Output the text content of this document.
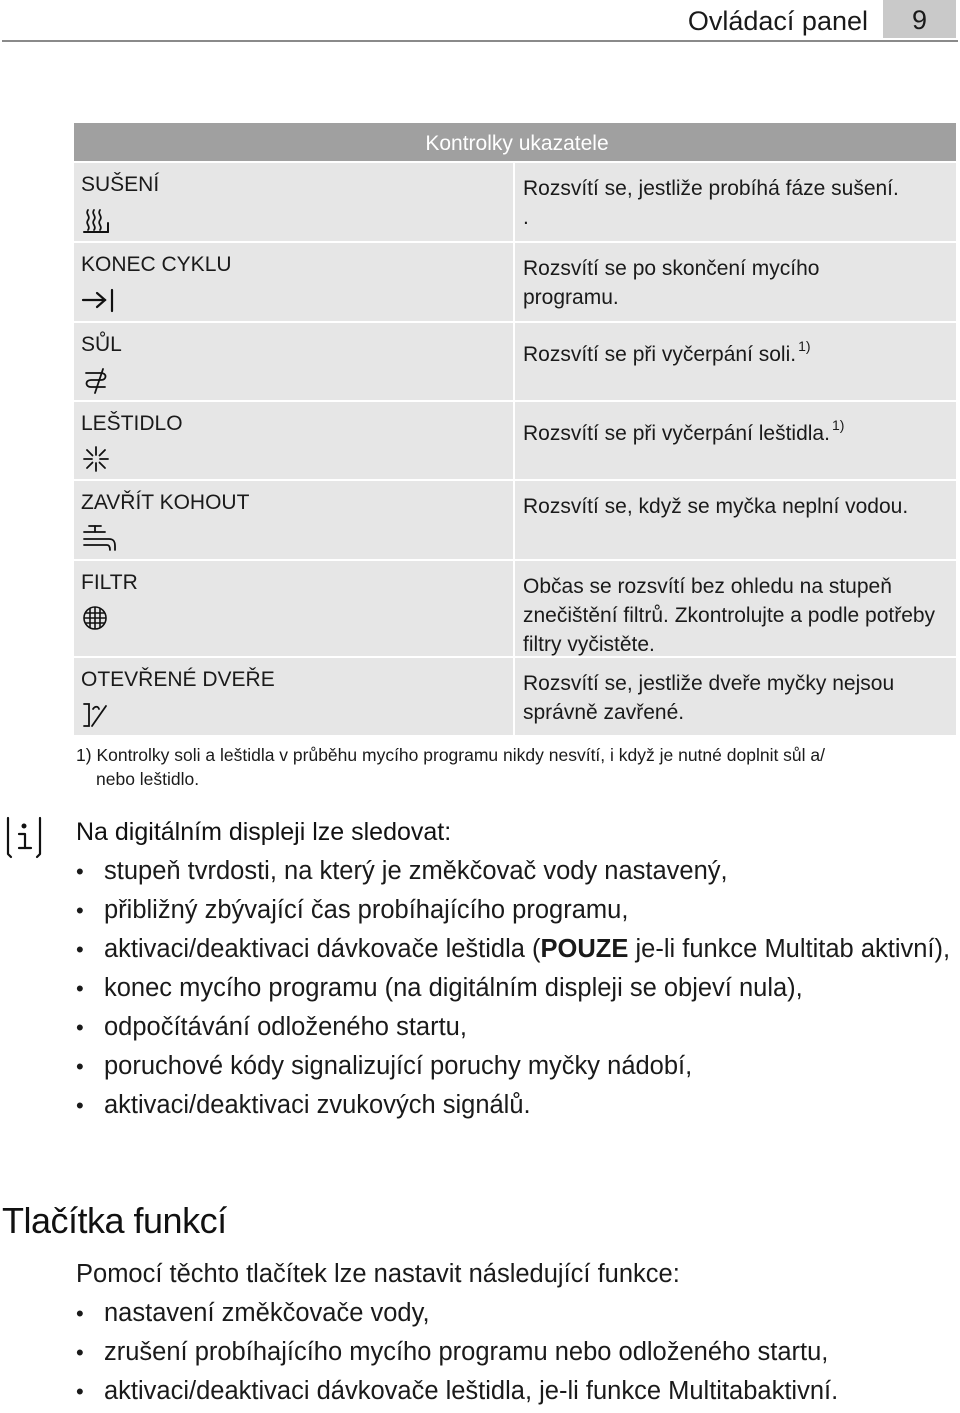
Ovládací panel	9
Kontrolky ukazatele
SUŠENÍ	Rozsvítí se, jestliže probíhá fáze sušení.
.
KONEC CYKLU	Rozsvítí se po skončení mycího programu.
SŮL	Rozsvítí se při vyčerpání soli. $^{1)}$
LEŠTIDLO	Rozsvítí se při vyčerpání leštidla. $^{1)}$
ZAVŘÍT KOHOUT	Rozsvítí se, když se myčka neplní vodou.
FILTR	Občas se rozsvítí bez ohledu na stupeň znečištění filtrů. Zkontrolujte a podle potřeby filtry vyčistěte.
OTEVŘENÉ DVEŘE	Rozsvítí se, jestliže dveře myčky nejsou správně zavřené.
1) Kontrolky soli a leštidla v průběhu mycího programu nikdy nesvítí, i když je nutné doplnit sůl a/
nebo leštidlo.
Na digitálním displeji lze sledovat:
• stupeň tvrdosti, na který je změkčovač vody nastavený,
• přibližný zbývající čas probíhajícího programu,
• aktivaci/deaktivaci dávkovače leštidla (POUZE je-li funkce Multitab aktivní),
• konec mycího programu (na digitálním displeji se objeví nula),
• odpočítávání odloženého startu,
• poruchové kódy signalizující poruchy myčky nádobí,
• aktivaci/deaktivaci zvukových signálů.
Tlačítka funkcí
Pomocí těchto tlačítek lze nastavit následující funkce:
• nastavení změkčovače vody,
• zrušení probíhajícího mycího programu nebo odloženého startu,
• aktivaci/deaktivaci dávkovače leštidla, je-li funkce Multitabaktivní.
